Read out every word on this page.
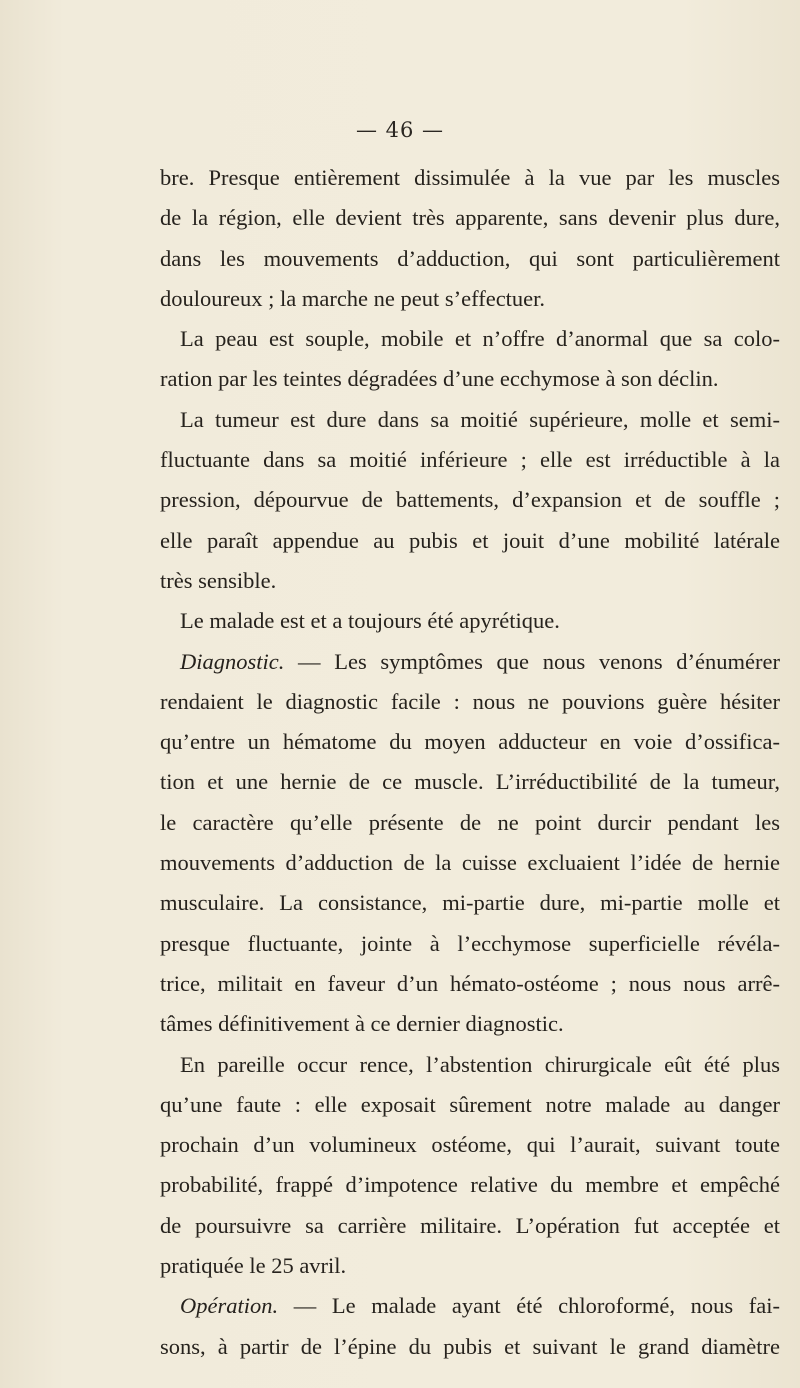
— 46 —
bre. Presque entièrement dissimulée à la vue par les muscles
de la région, elle devient très apparente, sans devenir plus dure,
dans les mouvements d’adduction, qui sont particulièrement
douloureux ; la marche ne peut s’effectuer.
La peau est souple, mobile et n’offre d’anormal que sa colo-
ration par les teintes dégradées d’une ecchymose à son déclin.
La tumeur est dure dans sa moitié supérieure, molle et semi-
fluctuante dans sa moitié inférieure ; elle est irréductible à la
pression, dépourvue de battements, d’expansion et de souffle ;
elle paraît appendue au pubis et jouit d’une mobilité latérale
très sensible.
Le malade est et a toujours été apyrétique.
Diagnostic. — Les symptômes que nous venons d’énumérer
rendaient le diagnostic facile : nous ne pouvions guère hésiter
qu’entre un hématome du moyen adducteur en voie d’ossifica-
tion et une hernie de ce muscle. L’irréductibilité de la tumeur,
le caractère qu’elle présente de ne point durcir pendant les
mouvements d’adduction de la cuisse excluaient l’idée de hernie
musculaire. La consistance, mi-partie dure, mi-partie molle et
presque fluctuante, jointe à l’ecchymose superficielle révéla-
trice, militait en faveur d’un hémato-ostéome ; nous nous arrê-
tâmes définitivement à ce dernier diagnostic.
En pareille occur rence, l’abstention chirurgicale eût été plus
qu’une faute : elle exposait sûrement notre malade au danger
prochain d’un volumineux ostéome, qui l’aurait, suivant toute
probabilité, frappé d’impotence relative du membre et empêché
de poursuivre sa carrière militaire. L’opération fut acceptée et
pratiquée le 25 avril.
Opération. — Le malade ayant été chloroformé, nous fai-
sons, à partir de l’épine du pubis et suivant le grand diamètre
